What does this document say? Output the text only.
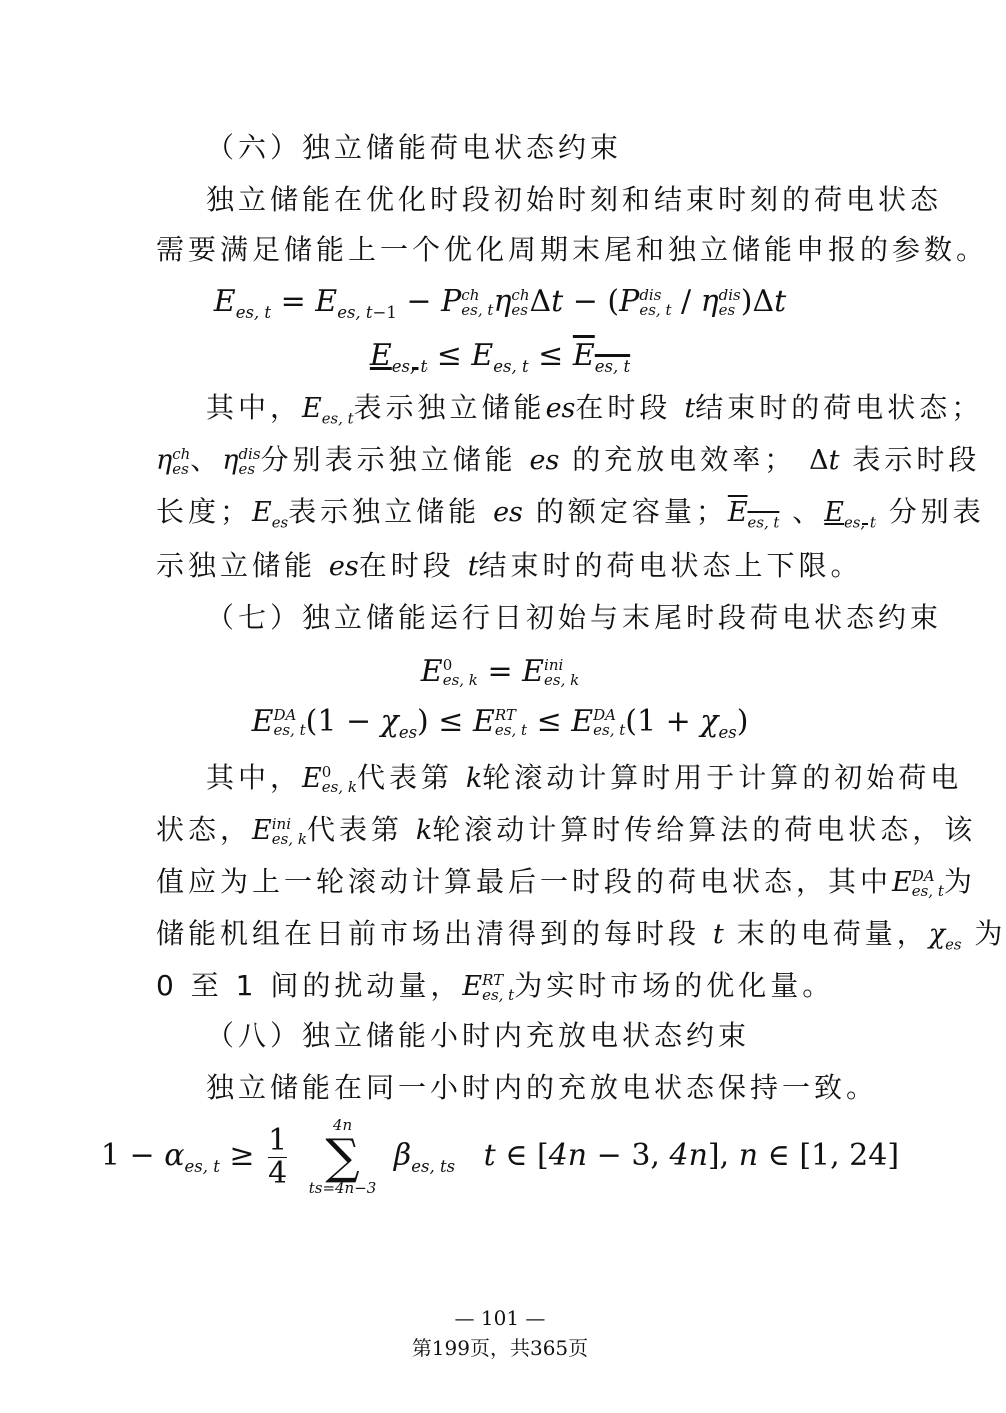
（六）独立储能荷电状态约束
独立储能在优化时段初始时刻和结束时刻的荷电状态
需要满足储能上一个优化周期末尾和独立储能申报的参数。
$E_{es, t} = E_{es, t-1} - P$ ch
es, t η ch
es Δt − (P dis
es, t / η dis
es )Δt
$E_{es, t} \le E_{es, t} \le E_{es, t}$
其中，$E_{es, t}$表示独立储能es在时段 t结束时的荷电状态；
η ch
es 、η dis
es 分别表示独立储能 es 的充放电效率； Δt 表示时段
长度；$E_{es}$表示独立储能 es 的额定容量；$E_{es, t}$ 、$E_{es, t}$ 分别表
示独立储能 es在时段 t结束时的荷电状态上下限。
（七）独立储能运行日初始与末尾时段荷电状态约束
E 0
es, k = E ini
es, k
E DA
es, t $(1 - \chi_{es}) \le E$ RT
es, t ≤ E DA
es, t $(1 + \chi_{es})$
其中，E 0
es, k 代表第 k轮滚动计算时用于计算的初始荷电
状态，E ini
es, k 代表第 k轮滚动计算时传给算法的荷电状态，该
值应为上一轮滚动计算最后一时段的荷电状态，其中E DA
es, t 为
储能机组在日前市场出清得到的每时段 t 末的电荷量，$\chi_{es}$ 为
0 至 1 间的扰动量，E RT
es, t 为实时市场的优化量。
（八）独立储能小时内充放电状态约束
独立储能在同一小时内的充放电状态保持一致。
$1 - \alpha_{es, t} \ge \frac{1}{4}$
	4n
∑
ts=4n−3
$\beta_{es, ts}$   t ∈ [4n − 3, 4n], n ∈ [1, 24]
— 101 —
第199页，共365页
